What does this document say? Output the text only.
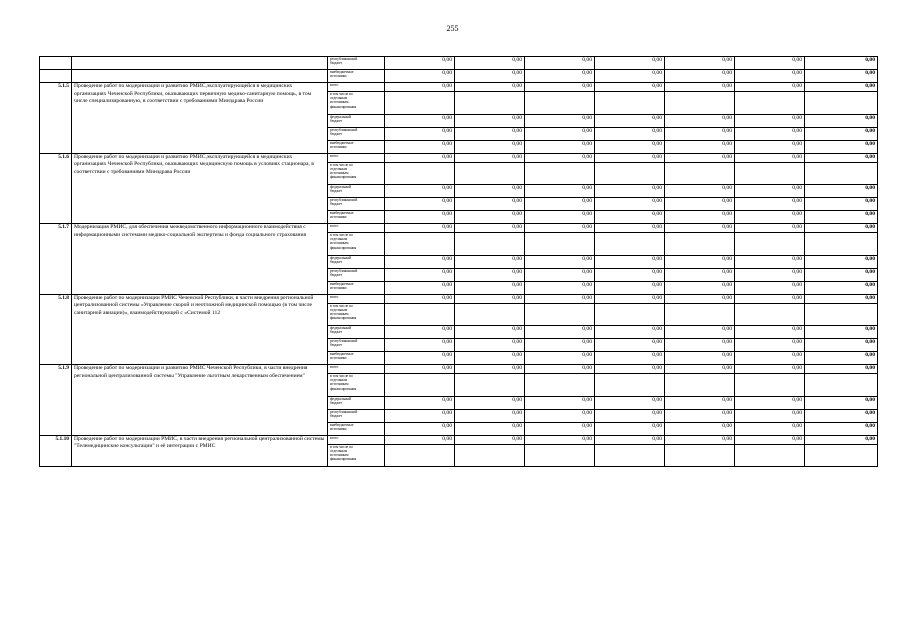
255
		республиканский
бюджет	0,00	0,00	0,00	0,00	0,00	0,00	0,00
		внебюджетные
источники	0,00	0,00	0,00	0,00	0,00	0,00	0,00
5.1.5	Проведение работ по модернизации и развитию РМИС,эксплуатирующейся в медицинских организациях Чеченской Республики, оказывающих первичную медико-санитарную помощь, в том числе специализированную, в соответствии с требованиями Минздрава России	всего	0,00	0,00	0,00	0,00	0,00	0,00	0,00
		в том числе по
отдельным
источникам
финансирования							
		федеральный
бюджет	0,00	0,00	0,00	0,00	0,00	0,00	0,00
		республиканский
бюджет	0,00	0,00	0,00	0,00	0,00	0,00	0,00
		внебюджетные
источники	0,00	0,00	0,00	0,00	0,00	0,00	0,00
5.1.6	Проведение работ по модернизации и развитию РМИС,эксплуатирующейся в медицинских организациях Чеченской Республики, оказывающих медицинскую помощь в условиях стационара, в соответствии с требованиями Минздрава России	всего	0,00	0,00	0,00	0,00	0,00	0,00	0,00
		в том числе по
отдельным
источникам
финансирования							
		федеральный
бюджет	0,00	0,00	0,00	0,00	0,00	0,00	0,00
		республиканский
бюджет	0,00	0,00	0,00	0,00	0,00	0,00	0,00
		внебюджетные
источники	0,00	0,00	0,00	0,00	0,00	0,00	0,00
5.1.7	Модернизация РМИС, для обеспечения межведомственного информационного взаимодействия с информационными системами медико-социальной экспертизы и фонда социального страхования	всего	0,00	0,00	0,00	0,00	0,00	0,00	0,00
		в том числе по
отдельным
источникам
финансирования							
		федеральный
бюджет	0,00	0,00	0,00	0,00	0,00	0,00	0,00
		республиканский
бюджет	0,00	0,00	0,00	0,00	0,00	0,00	0,00
		внебюджетные
источники	0,00	0,00	0,00	0,00	0,00	0,00	0,00
5.1.8	Проведение работ по модернизации РМИС Чеченской Республики, в части внедрения региональной централизованной системы «Управление скорой и неотложной медицинской помощью (в том числе санитарной авиации)», взаимодействующей с «Системой 112	всего	0,00	0,00	0,00	0,00	0,00	0,00	0,00
		в том числе по
отдельным
источникам
финансирования							
		федеральный
бюджет	0,00	0,00	0,00	0,00	0,00	0,00	0,00
		республиканский
бюджет	0,00	0,00	0,00	0,00	0,00	0,00	0,00
		внебюджетные
источники	0,00	0,00	0,00	0,00	0,00	0,00	0,00
5.1.9	Проведение работ по модернизации и развитию РМИС Чеченской Республики, в части внедрения региональной централизованной системы "Управление льготным лекарственным обеспечением"	всего	0,00	0,00	0,00	0,00	0,00	0,00	0,00
		в том числе по
отдельным
источникам
финансирования							
		федеральный
бюджет	0,00	0,00	0,00	0,00	0,00	0,00	0,00
		республиканский
бюджет	0,00	0,00	0,00	0,00	0,00	0,00	0,00
		внебюджетные
источники	0,00	0,00	0,00	0,00	0,00	0,00	0,00
5.1.10	Проведение работ по модернизации РМИС, в части внедрения региональной централизованной системы "Телемедицинские консультации" и её интеграции с РМИС	всего	0,00	0,00	0,00	0,00	0,00	0,00	0,00
		в том числе по
отдельным
источникам
финансирования							
